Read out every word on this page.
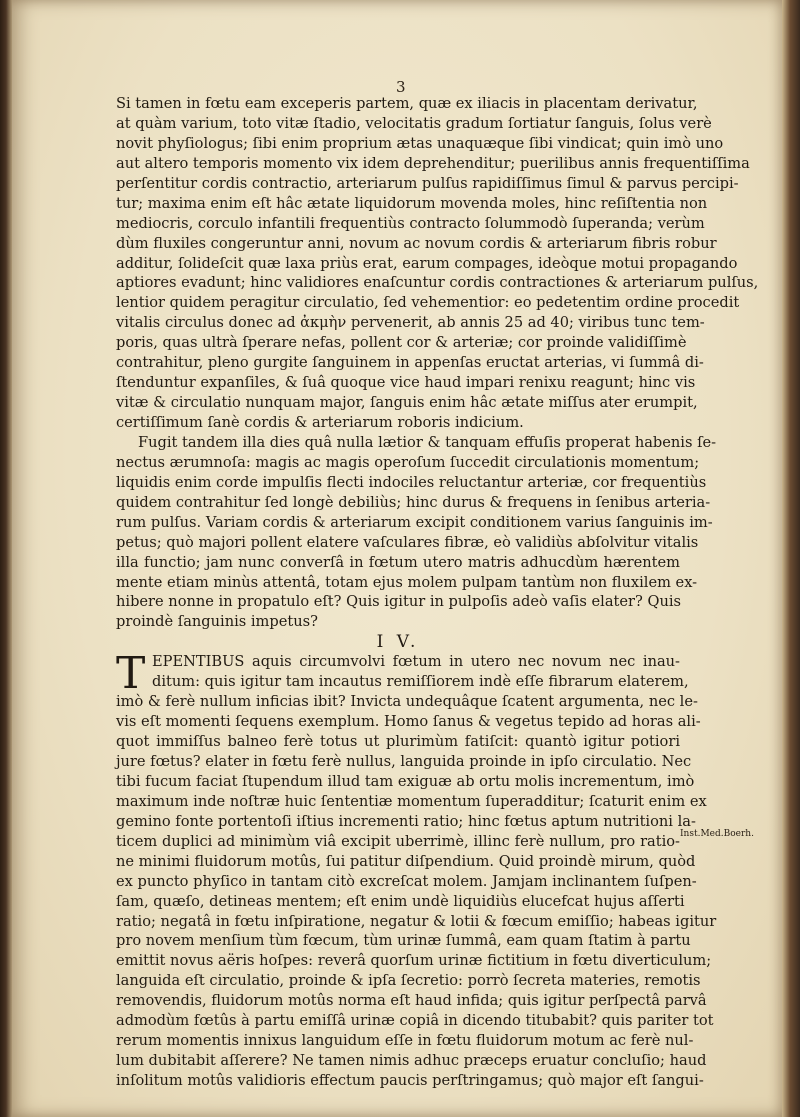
3
Si tamen in fœtu eam exceperis partem, quæ ex iliacis in placentam derivatur,
at quàm varium, toto vitæ ſtadio, velocitatis gradum ſortiatur ſanguis, ſolus verè
novit phyſiologus; ſibi enim proprium ætas unaquæque ſibi vindicat; quin imò uno
aut altero temporis momento vix idem deprehenditur; puerilibus annis frequentiſſima
perſentitur cordis contractio, arteriarum pulſus rapidiſſimus ſimul & parvus percipi-
tur; maxima enim eſt hâc ætate liquidorum movenda moles, hinc reſiſtentia non
mediocris, corculo infantili frequentiùs contracto ſolummodò ſuperanda; verùm
dùm fluxiles congeruntur anni, novum ac novum cordis & arteriarum fibris robur
additur, ſolideſcit quæ laxa priùs erat, earum compages, ideòque motui propagando
aptiores evadunt; hinc validiores enaſcuntur cordis contractiones & arteriarum pulſus,
lentior quidem peragitur circulatio, ſed vehementior: eo pedetentim ordine procedit
vitalis circulus donec ad ἀκμὴν pervenerit, ab annis 25 ad 40; viribus tunc tem-
poris, quas ultrà ſperare nefas, pollent cor & arteriæ; cor proinde validiſſimè
contrahitur, pleno gurgite ſanguinem in appenſas eructat arterias, vi ſummâ di-
ſtenduntur expanſiles, & ſuâ quoque vice haud impari renixu reagunt; hinc vis
vitæ & circulatio nunquam major, ſanguis enim hâc ætate miſſus ater erumpit,
certiſſimum ſanè cordis & arteriarum roboris indicium.
Fugit tandem illa dies quâ nulla lætior & tanquam effuſis properat habenis ſe-
nectus ærumnoſa: magis ac magis operoſum ſuccedit circulationis momentum;
liquidis enim corde impulſis flecti indociles reluctantur arteriæ, cor frequentiùs
quidem contrahitur ſed longè debiliùs; hinc durus & frequens in ſenibus arteria-
rum pulſus. Variam cordis & arteriarum excipit conditionem varius ſanguinis im-
petus; quò majori pollent elatere vaſculares fibræ, eò validiùs abſolvitur vitalis
illa functio; jam nunc converſâ in fœtum utero matris adhucdùm hærentem
mente etiam minùs attentâ, totam ejus molem pulpam tantùm non fluxilem ex-
hibere nonne in propatulo eſt? Quis igitur in pulpoſis adeò vaſis elater? Quis
proindè ſanguinis impetus?
I V.
T EPENTIBUS aquis circumvolvi fœtum in utero nec novum nec inau-
ditum: quis igitur tam incautus remiſſiorem indè eſſe fibrarum elaterem,
imò & ferè nullum inficias ibit? Invicta undequâque ſcatent argumenta, nec le-
vis eſt momenti ſequens exemplum. Homo ſanus & vegetus tepido ad horas ali-
quot immiſſus balneo ferè totus ut plurimùm fatiſcit: quantò igitur potiori
jure fœtus? elater in fœtu ferè nullus, languida proinde in ipſo circulatio. Nec
tibi fucum faciat ſtupendum illud tam exiguæ ab ortu molis incrementum, imò
maximum inde noſtræ huic ſententiæ momentum ſuperadditur; ſcaturit enim ex
gemino fonte portentoſi iſtius incrementi ratio; hinc fœtus aptum nutritioni la-
ticem duplici ad minimùm viâ excipit uberrimè, illinc ferè nullum, pro ratio-
ne minimi fluidorum motûs, ſui patitur diſpendium. Quid proindè mirum, quòd
ex puncto phyſico in tantam citò excreſcat molem. Jamjam inclinantem ſuſpen-
ſam, quæſo, detineas mentem; eſt enim undè liquidiùs elucefcat hujus aſſerti
ratio; negatâ in fœtu inſpiratione, negatur & lotii & fœcum emiſſio; habeas igitur
pro novem menſium tùm fœcum, tùm urinæ ſummâ, eam quam ſtatim à partu
emittit novus aëris hoſpes: reverâ quorſum urinæ fictitium in fœtu diverticulum;
languida eſt circulatio, proinde & ipſa ſecretio: porrò ſecreta materies, remotis
removendis, fluidorum motûs norma eſt haud infida; quis igitur perſpectâ parvâ
admodùm fœtûs à partu emiſſâ urinæ copiâ in dicendo titubabit? quis pariter tot
rerum momentis innixus languidum eſſe in fœtu fluidorum motum ac ferè nul-
lum dubitabit aſſerere? Ne tamen nimis adhuc præceps eruatur concluſio; haud
inſolitum motûs validioris effectum paucis perſtringamus; quò major eſt ſangui-
Inst.Med.Boerh.
